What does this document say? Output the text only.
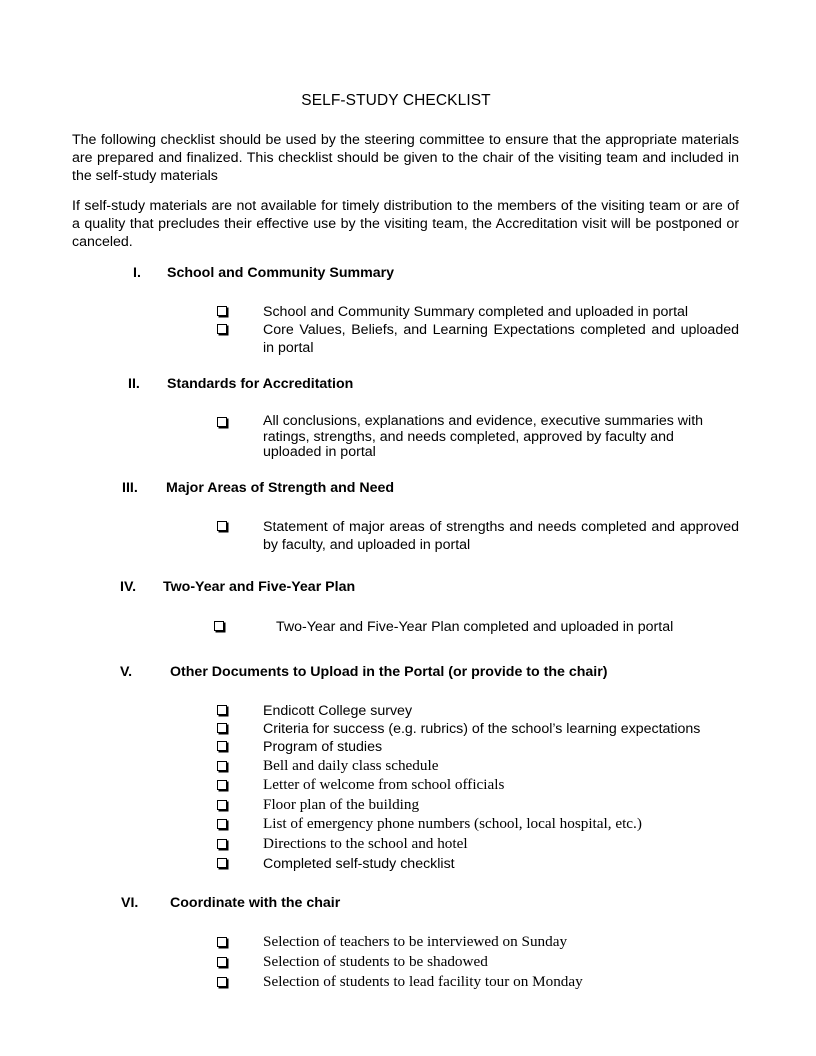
SELF-STUDY CHECKLIST
The following checklist should be used by the steering committee to ensure that the appropriate materials are prepared and finalized. This checklist should be given to the chair of the visiting team and included in the self-study materials
If self-study materials are not available for timely distribution to the members of the visiting team or are of a quality that precludes their effective use by the visiting team, the Accreditation visit will be postponed or canceled.
I. School and Community Summary
School and Community Summary completed and uploaded in portal
Core Values, Beliefs, and Learning Expectations completed and uploaded in portal
II. Standards for Accreditation
All conclusions, explanations and evidence, executive summaries with ratings, strengths, and needs completed, approved by faculty and uploaded in portal
III. Major Areas of Strength and Need
Statement of major areas of strengths and needs completed and approved by faculty, and uploaded in portal
IV. Two-Year and Five-Year Plan
Two-Year and Five-Year Plan completed and uploaded in portal
V.	Other Documents to Upload in the Portal (or provide to the chair)
Endicott College survey
Criteria for success (e.g. rubrics) of the school’s learning expectations
Program of studies
Bell and daily class schedule
Letter of welcome from school officials
Floor plan of the building
List of emergency phone numbers (school, local hospital, etc.)
Directions to the school and hotel
Completed self-study checklist
VI. Coordinate with the chair
Selection of teachers to be interviewed on Sunday
Selection of students to be shadowed
Selection of students to lead facility tour on Monday
